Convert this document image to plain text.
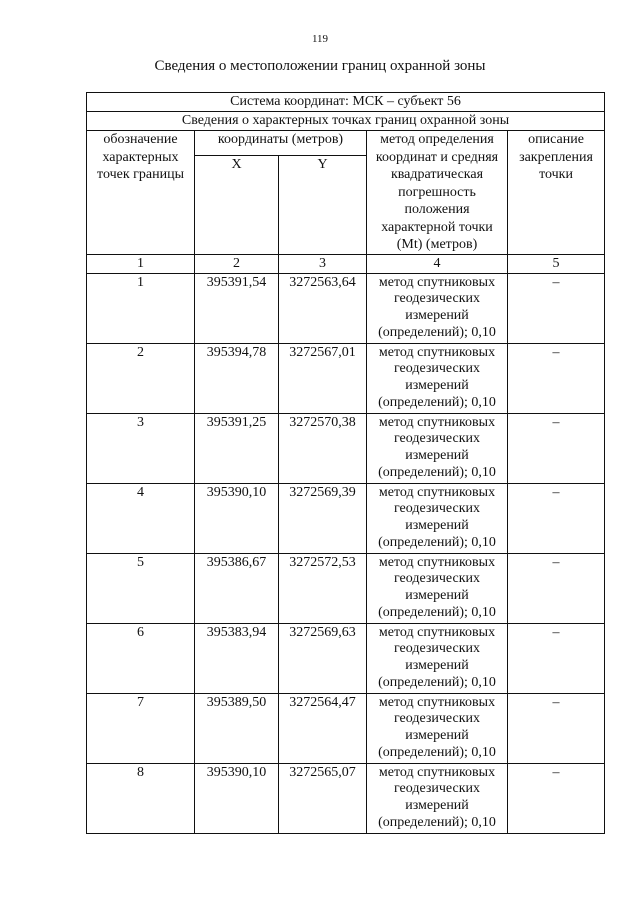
119
Сведения о местоположении границ охранной зоны
Система координат: МСК – субъект 56				
Сведения о характерных точках границ охранной зоны				
обозначение характерных точек границы	координаты (метров)		метод определения координат и средняя квадратическая погрешность положения характерной точки (Mt) (метров)	описание закрепления точки
	X	Y		
1	2	3	4	5
1	395391,54	3272563,64	метод спутниковых геодезических измерений (определений); 0,10	–
2	395394,78	3272567,01	метод спутниковых геодезических измерений (определений); 0,10	–
3	395391,25	3272570,38	метод спутниковых геодезических измерений (определений); 0,10	–
4	395390,10	3272569,39	метод спутниковых геодезических измерений (определений); 0,10	–
5	395386,67	3272572,53	метод спутниковых геодезических измерений (определений); 0,10	–
6	395383,94	3272569,63	метод спутниковых геодезических измерений (определений); 0,10	–
7	395389,50	3272564,47	метод спутниковых геодезических измерений (определений); 0,10	–
8	395390,10	3272565,07	метод спутниковых геодезических измерений (определений); 0,10	–
